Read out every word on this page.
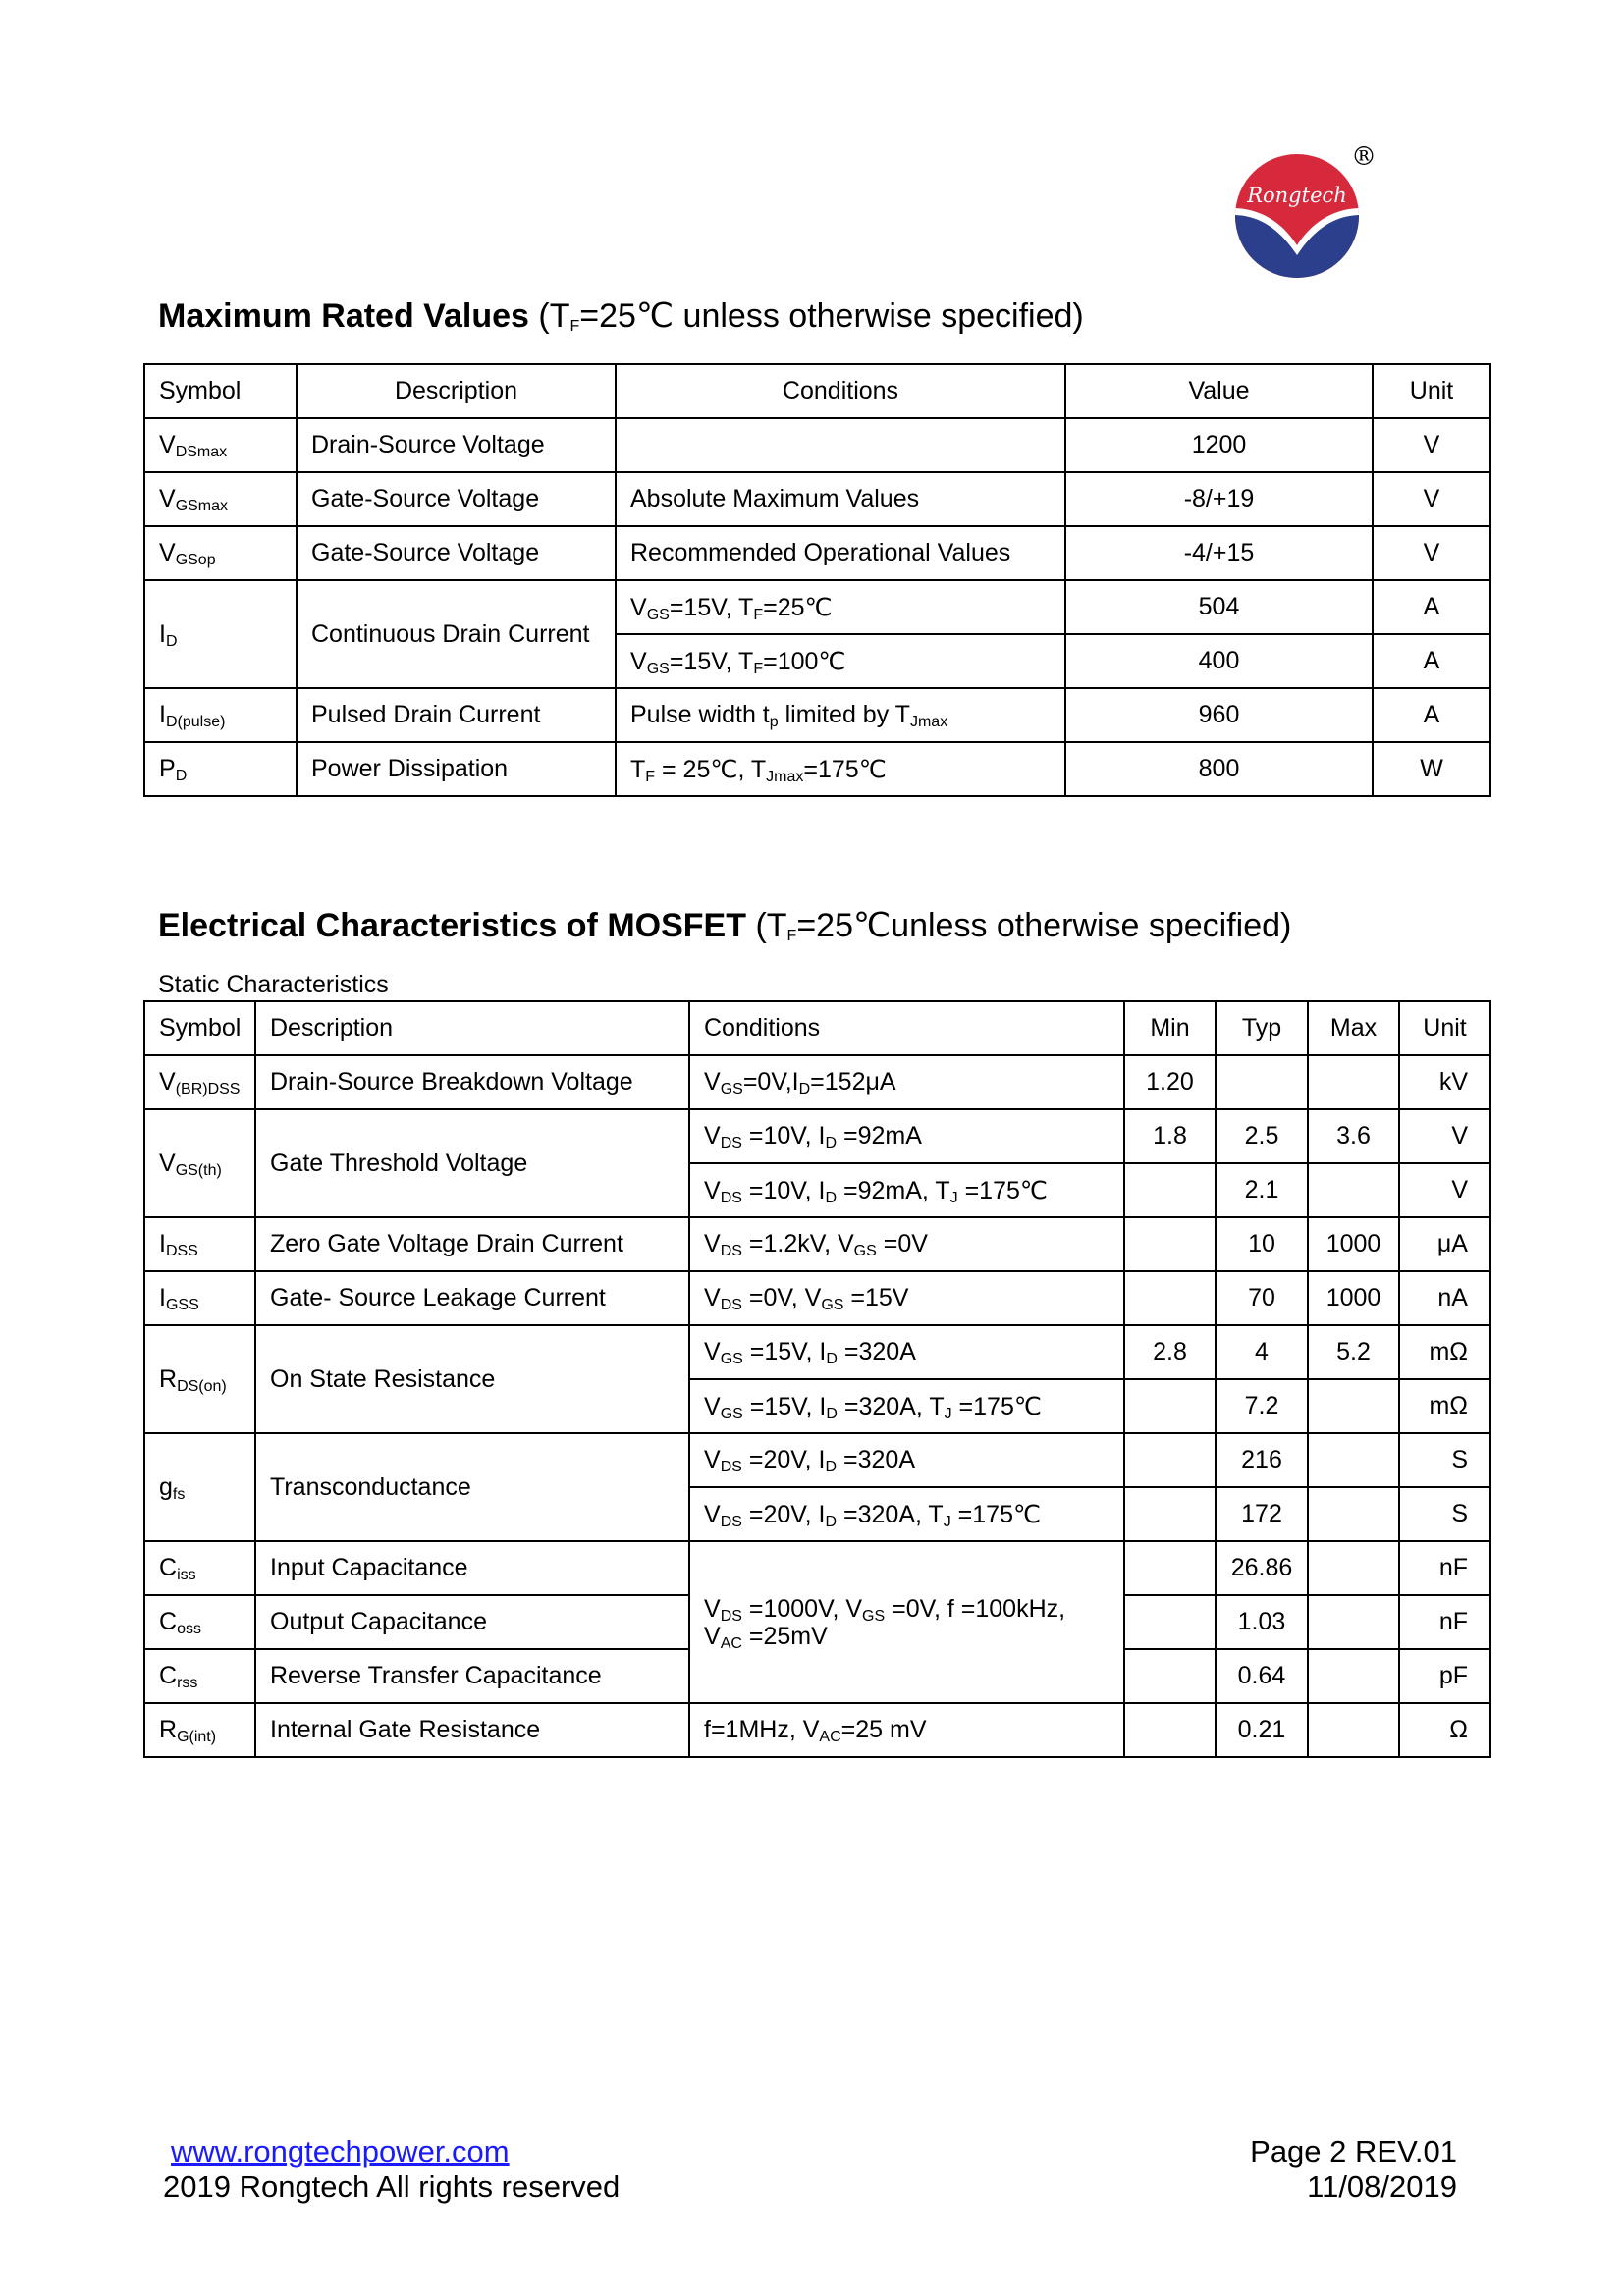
Rongtech
®
Maximum Rated Values ($T_F=25℃$ unless otherwise specified)
Symbol	Description	Conditions	Value	Unit
$V_{DSmax}$	Drain-Source Voltage		1200	V
$V_{GSmax}$	Gate-Source Voltage	Absolute Maximum Values	-8/+19	V
$V_{GSop}$	Gate-Source Voltage	Recommended Operational Values	-4/+15	V
$I_D$	Continuous Drain Current	$V_{GS}=15V$, $T_F=25℃$	504	A
		$V_{GS}=15V$, $T_F=100℃$	400	A
$I_{D(pulse)}$	Pulsed Drain Current	Pulse width $t_p$ limited by $T_{Jmax}$	960	A
$P_D$	Power Dissipation	$T_F$ = 25℃, $T_{Jmax}=175℃$	800	W
Electrical Characteristics of MOSFET ($T_F=25℃unless$ otherwise specified)
Static Characteristics
Symbol	Description	Conditions	Min	Typ	Max	Unit
$V_{(BR)DSS}$	Drain-Source Breakdown Voltage	$V_{GS}=0V,I_D=152\mu A$	1.20			kV
$V_{GS(th)}$	Gate Threshold Voltage	$V_{DS} =10V$, $I_D =92mA$	1.8	2.5	3.6	V
		$V_{DS} =10V$, $I_D =92mA$, $T_J$ =175℃		2.1		V
$I_{DSS}$	Zero Gate Voltage Drain Current	$V_{DS} =1.2kV$, $V_{GS} =0V$		10	1000	μA
$I_{GSS}$	Gate- Source Leakage Current	$V_{DS} =0V$, $V_{GS} =15V$		70	1000	nA
$R_{DS(on)}$	On State Resistance	$V_{GS} =15V$, $I_D =320A$	2.8	4	5.2	mΩ
		$V_{GS} =15V$, $I_D =320A$, $T_J$ =175℃		7.2		mΩ
$g_{fs}$	Transconductance	$V_{DS} =20V$, $I_D =320A$		216		S
		$V_{DS} =20V$, $I_D =320A$, $T_J$ =175℃		172		S
$C_{iss}$	Input Capacitance	$V_{DS} =1000V$, $V_{GS} =0V$, f =100kHz, $V_{AC} =25mV$		26.86		nF
$C_{oss}$	Output Capacitance			1.03		nF
$C_{rss}$	Reverse Transfer Capacitance			0.64		pF
$R_{G(int)}$	Internal Gate Resistance	f=1MHz, $V_{AC}=25$ mV		0.21		Ω
www.rongtechpower.com
2019 Rongtech All rights reserved
Page 2 REV.01
11/08/2019
